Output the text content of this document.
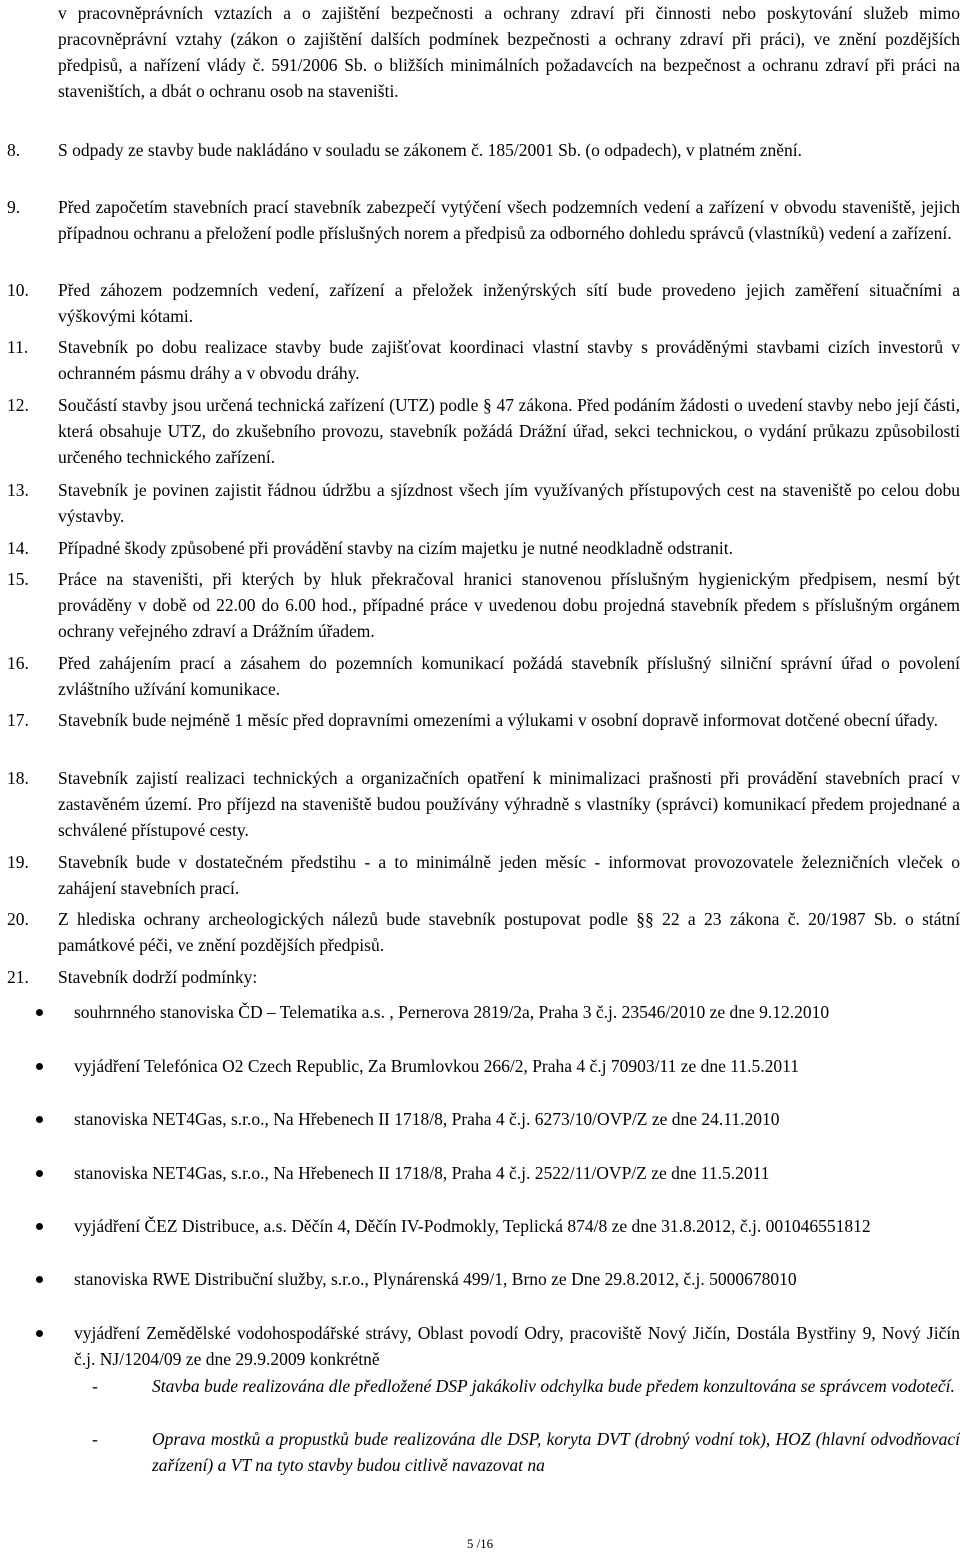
v pracovněprávních vztazích a o zajištění bezpečnosti a ochrany zdraví při činnosti nebo poskytování služeb mimo pracovněprávní vztahy (zákon o zajištění dalších podmínek bezpečnosti a ochrany zdraví při práci), ve znění pozdějších předpisů, a nařízení vlády č. 591/2006 Sb. o bližších minimálních požadavcích na bezpečnost a ochranu zdraví při práci na staveništích, a dbát o ochranu osob na staveništi.
8.	S odpady ze stavby bude nakládáno v souladu se zákonem č. 185/2001 Sb. (o odpadech), v platném znění.
9.	Před započetím stavebních prací stavebník zabezpečí vytýčení všech podzemních vedení a zařízení v obvodu staveniště, jejich případnou ochranu a přeložení podle příslušných norem a předpisů za odborného dohledu správců (vlastníků) vedení a zařízení.
10.	Před záhozem podzemních vedení, zařízení a přeložek inženýrských sítí bude provedeno jejich zaměření situačními a výškovými kótami.
11.	Stavebník po dobu realizace stavby bude zajišťovat koordinaci vlastní stavby s prováděnými stavbami cizích investorů v ochranném pásmu dráhy a v obvodu dráhy.
12.	Součástí stavby jsou určená technická zařízení (UTZ) podle § 47 zákona. Před podáním žádosti o uvedení stavby nebo její části, která obsahuje UTZ, do zkušebního provozu, stavebník požádá Drážní úřad, sekci technickou, o vydání průkazu způsobilosti určeného technického zařízení.
13.	Stavebník je povinen zajistit řádnou údržbu a sjízdnost všech jím využívaných přístupových cest na staveniště po celou dobu výstavby.
14.	Případné škody způsobené při provádění stavby na cizím majetku je nutné neodkladně odstranit.
15.	Práce na staveništi, při kterých by hluk překračoval hranici stanovenou příslušným hygienickým předpisem, nesmí být prováděny v době od 22.00 do 6.00 hod., případné práce v uvedenou dobu projedná stavebník předem s příslušným orgánem ochrany veřejného zdraví a Drážním úřadem.
16.	Před zahájením prací a zásahem do pozemních komunikací požádá stavebník příslušný silniční správní úřad o povolení zvláštního užívání komunikace.
17.	Stavebník bude nejméně 1 měsíc před dopravními omezeními a výlukami v osobní dopravě informovat dotčené obecní úřady.
18.	Stavebník zajistí realizaci technických a organizačních opatření k minimalizaci prašnosti při provádění stavebních prací v zastavěném území. Pro příjezd na staveniště budou používány výhradně s vlastníky (správci) komunikací předem projednané a schválené přístupové cesty.
19.	Stavebník bude v dostatečném předstihu - a to minimálně jeden měsíc - informovat provozovatele železničních vleček o zahájení stavebních prací.
20.	Z hlediska ochrany archeologických nálezů bude stavebník postupovat podle §§ 22 a 23 zákona č. 20/1987 Sb. o státní památkové péči, ve znění pozdějších předpisů.
21.	Stavebník dodrží podmínky:
souhrnného stanoviska ČD – Telematika a.s. , Pernerova 2819/2a, Praha 3 č.j. 23546/2010 ze dne 9.12.2010
vyjádření Telefónica O2 Czech Republic, Za Brumlovkou 266/2, Praha 4 č.j 70903/11 ze dne 11.5.2011
stanoviska NET4Gas, s.r.o., Na Hřebenech II 1718/8, Praha 4 č.j. 6273/10/OVP/Z ze dne 24.11.2010
stanoviska NET4Gas, s.r.o., Na Hřebenech II 1718/8, Praha 4 č.j. 2522/11/OVP/Z ze dne 11.5.2011
vyjádření ČEZ Distribuce, a.s. Děčín 4, Děčín IV-Podmokly, Teplická 874/8 ze dne 31.8.2012, č.j. 001046551812
stanoviska RWE Distribuční služby, s.r.o., Plynárenská 499/1, Brno ze Dne 29.8.2012, č.j. 5000678010
vyjádření Zemědělské vodohospodářské strávy, Oblast povodí Odry, pracoviště Nový Jičín, Dostála Bystřiny 9, Nový Jičín č.j. NJ/1204/09 ze dne 29.9.2009 konkrétně
-	Stavba bude realizována dle předložené DSP jakákoliv odchylka bude předem konzultována se správcem vodotečí.
-	Oprava mostků a propustků bude realizována dle DSP, koryta DVT (drobný vodní tok), HOZ (hlavní odvodňovací zařízení) a VT na tyto stavby budou citlivě navazovat na
5 /16
